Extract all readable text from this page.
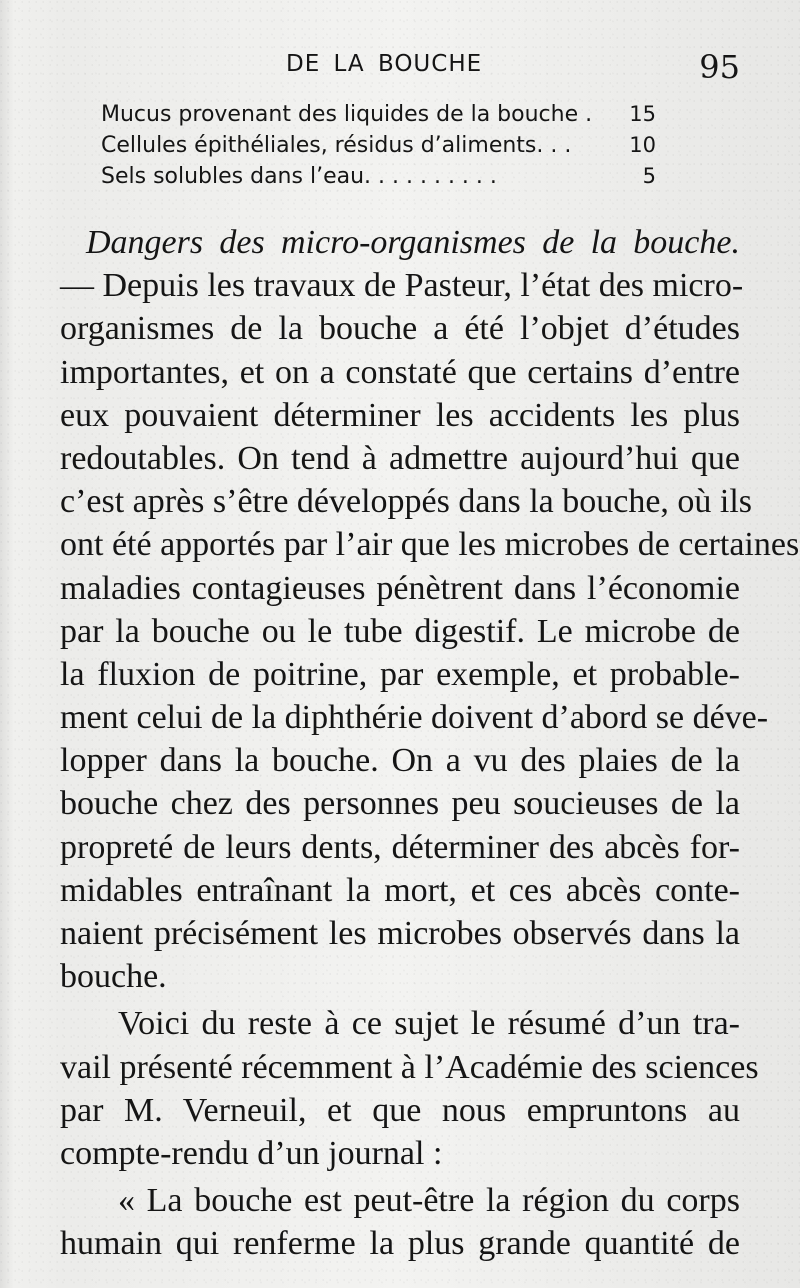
DE LA BOUCHE	95
Mucus provenant des liquides de la bouche . 15
Cellules épithéliales, résidus d’aliments. . .	10
Sels solubles dans l’eau. . . . . . . . . .	5
Dangers des micro-organismes de la bouche.
— Depuis les travaux de Pasteur, l’état des micro-
organismes de la bouche a été l’objet d’études
importantes, et on a constaté que certains d’entre
eux pouvaient déterminer les accidents les plus
redoutables. On tend à admettre aujourd’hui que
c’est après s’être développés dans la bouche, où ils
ont été apportés par l’air que les microbes de certaines
maladies contagieuses pénètrent dans l’économie
par la bouche ou le tube digestif. Le microbe de
la fluxion de poitrine, par exemple, et probable-
ment celui de la diphthérie doivent d’abord se déve-
lopper dans la bouche. On a vu des plaies de la
bouche chez des personnes peu soucieuses de la
propreté de leurs dents, déterminer des abcès for-
midables entraînant la mort, et ces abcès conte-
naient précisément les microbes observés dans la
bouche.
Voici du reste à ce sujet le résumé d’un tra-
vail présenté récemment à l’Académie des sciences
par M. Verneuil, et que nous empruntons au
compte-rendu d’un journal :
« La bouche est peut-être la région du corps
humain qui renferme la plus grande quantité de
